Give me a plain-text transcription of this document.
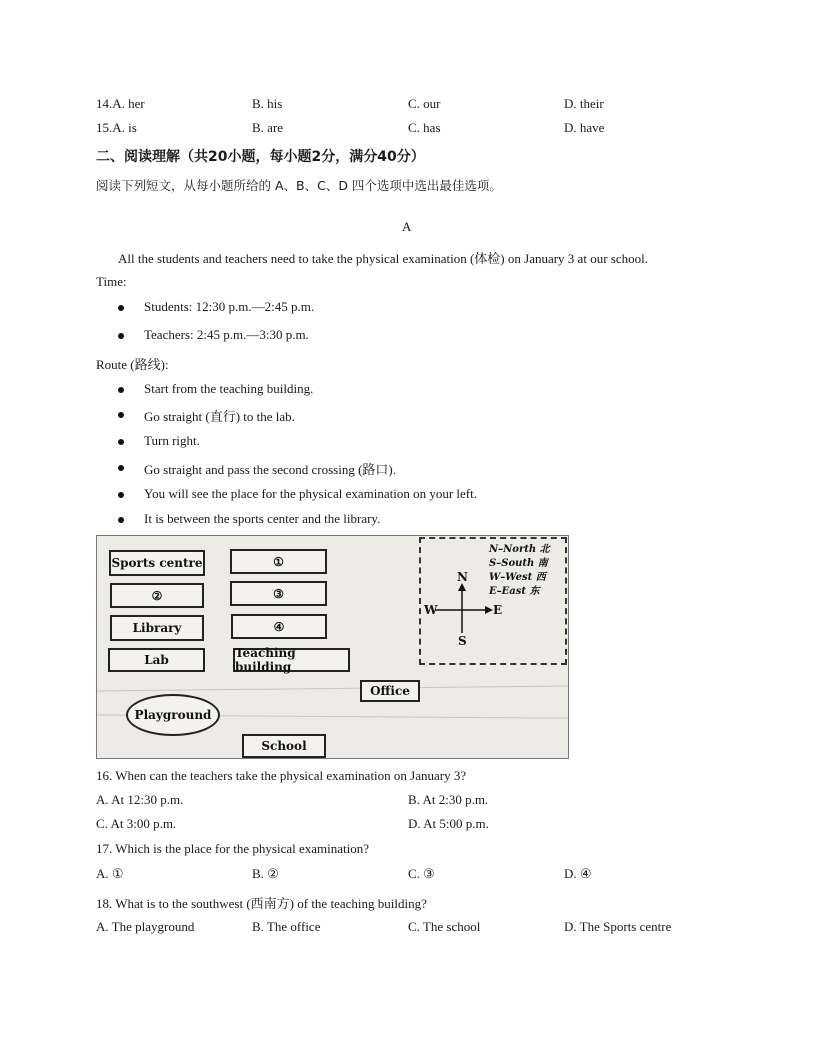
14.A. her	B. his	C. our	D. their
15.A. is	B. are	C. has	D. have
二、阅读理解（共20小题，每小题2分，满分40分）
阅读下列短文，从每小题所给的 A、B、C、D 四个选项中选出最佳选项。
A
All the students and teachers need to take the physical examination (体检) on January 3 at our school.
Time:
Students: 12:30 p.m.—2:45 p.m.
Teachers: 2:45 p.m.—3:30 p.m.
Route (路线):
Start from the teaching building.
Go straight (直行) to the lab.
Turn right.
Go straight and pass the second crossing (路口).
You will see the place for the physical examination on your left.
It is between the sports center and the library.
Sports centre	①
②	③
Library	④
Lab	Teaching building
Office
Playground
School
N–North 北
S–South 南
W–West 西
E–East 东
N
S
W	E
16. When can the teachers take the physical examination on January 3?
A. At 12:30 p.m.	B. At 2:30 p.m.
C. At 3:00 p.m.	D. At 5:00 p.m.
17. Which is the place for the physical examination?
A. ①	B. ②	C. ③	D. ④
18. What is to the southwest (西南方) of the teaching building?
A. The playground	B. The office	C. The school	D. The Sports centre
